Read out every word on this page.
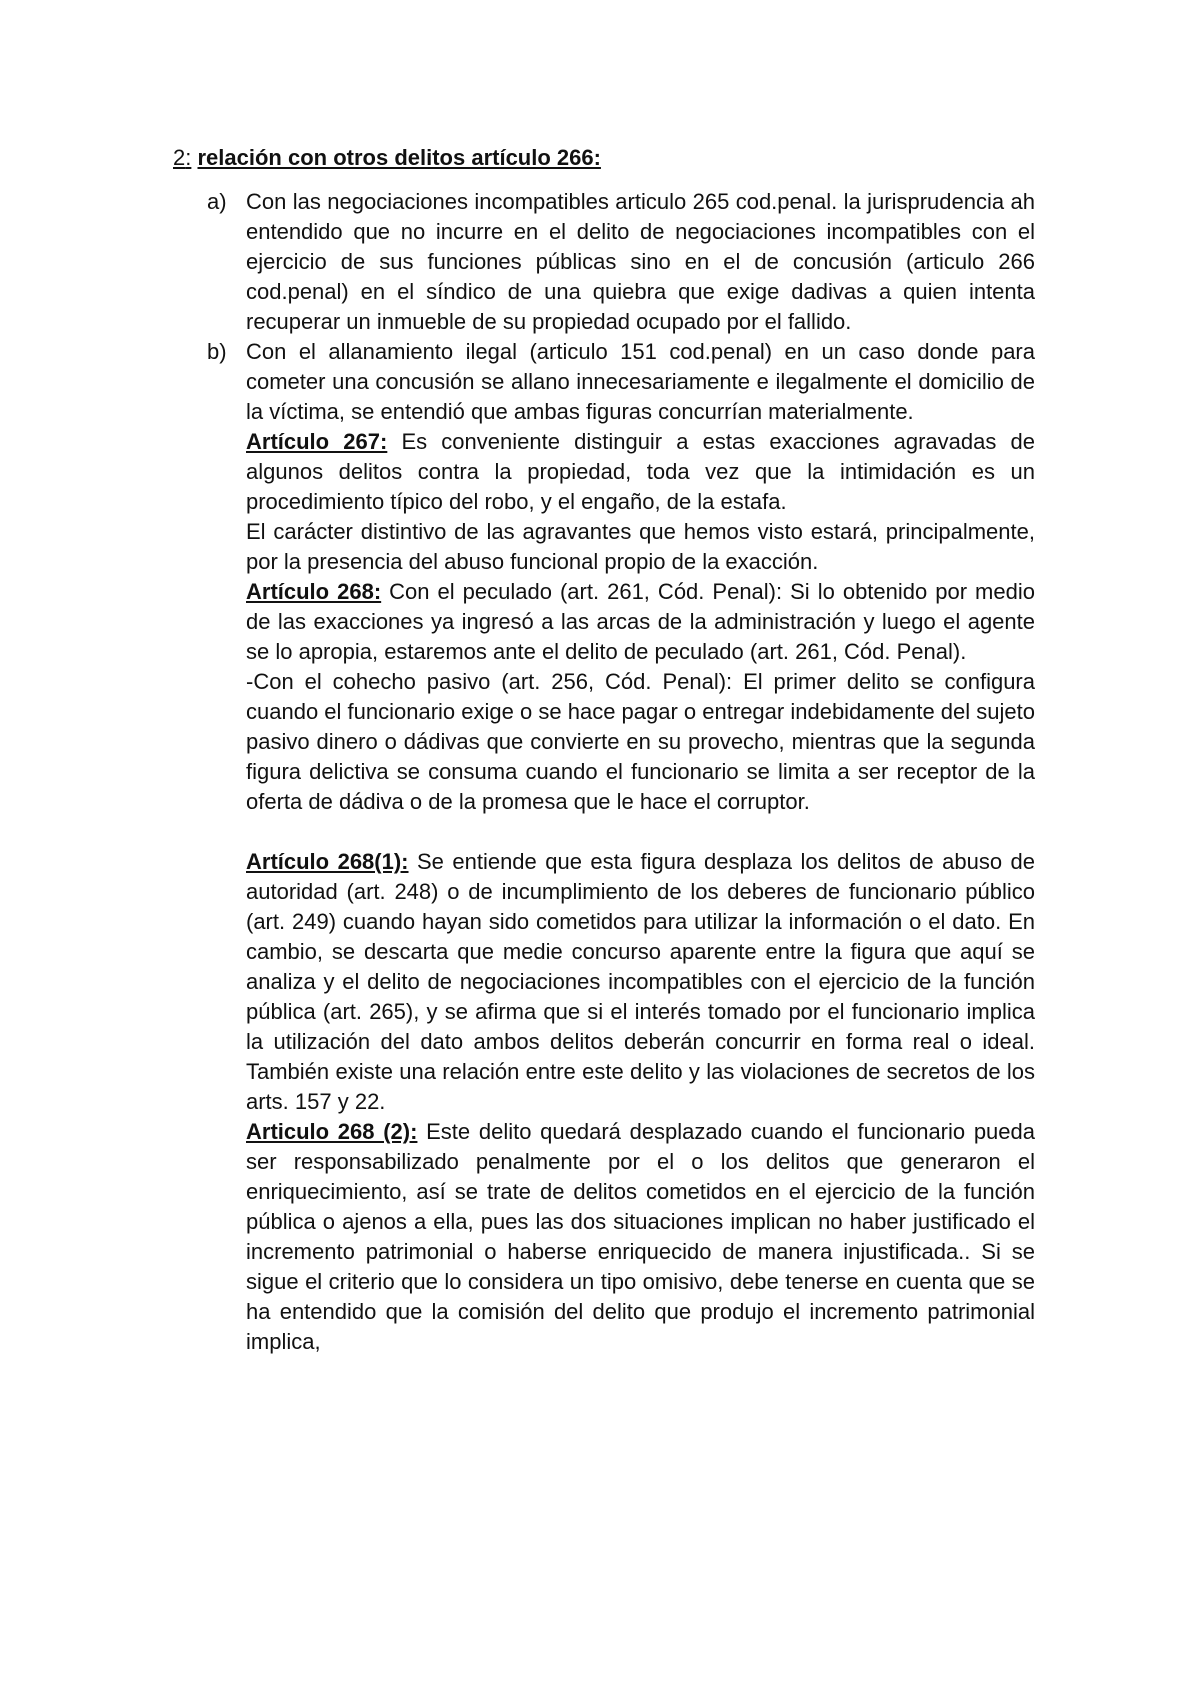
2: relación con otros delitos artículo 266:

a) Con las negociaciones incompatibles articulo 265 cod.penal. la jurisprudencia ah entendido que no incurre en el delito de negociaciones incompatibles con el ejercicio de sus funciones públicas sino en el de concusión (articulo 266 cod.penal) en el síndico de una quiebra que exige dadivas a quien intenta recuperar un inmueble de su propiedad ocupado por el fallido.
b) Con el allanamiento ilegal (articulo 151 cod.penal) en un caso donde para cometer una concusión se allano innecesariamente e ilegalmente el domicilio de la víctima, se entendió que ambas figuras concurrían materialmente.

Artículo 267: Es conveniente distinguir a estas exacciones agravadas de algunos delitos contra la propiedad, toda vez que la intimidación es un procedimiento típico del robo, y el engaño, de la estafa.

El carácter distintivo de las agravantes que hemos visto estará, principalmente, por la presencia del abuso funcional propio de la exacción.

Artículo 268: Con el peculado (art. 261, Cód. Penal): Si lo obtenido por medio de las exacciones ya ingresó a las arcas de la administración y luego el agente se lo apropia, estaremos ante el delito de peculado (art. 261, Cód. Penal).

-Con el cohecho pasivo (art. 256, Cód. Penal): El primer delito se configura cuando el funcionario exige o se hace pagar o entregar indebidamente del sujeto pasivo dinero o dádivas que convierte en su provecho, mientras que la segunda figura delictiva se consuma cuando el funcionario se limita a ser receptor de la oferta de dádiva o de la promesa que le hace el corruptor.

Artículo 268(1): Se entiende que esta figura desplaza los delitos de abuso de autoridad (art. 248) o de incumplimiento de los deberes de funcionario público (art. 249) cuando hayan sido cometidos para utilizar la información o el dato. En cambio, se descarta que medie concurso aparente entre la figura que aquí se analiza y el delito de negociaciones incompatibles con el ejercicio de la función pública (art. 265), y se afirma que si el interés tomado por el funcionario implica la utilización del dato ambos delitos deberán concurrir en forma real o ideal. También existe una relación entre este delito y las violaciones de secretos de los arts. 157 y 22.

Articulo 268 (2): Este delito quedará desplazado cuando el funcionario pueda ser responsabilizado penalmente por el o los delitos que generaron el enriquecimiento, así se trate de delitos cometidos en el ejercicio de la función pública o ajenos a ella, pues las dos situaciones implican no haber justificado el incremento patrimonial o haberse enriquecido de manera injustificada.. Si se sigue el criterio que lo considera un tipo omisivo, debe tenerse en cuenta que se ha entendido que la comisión del delito que produjo el incremento patrimonial implica,
